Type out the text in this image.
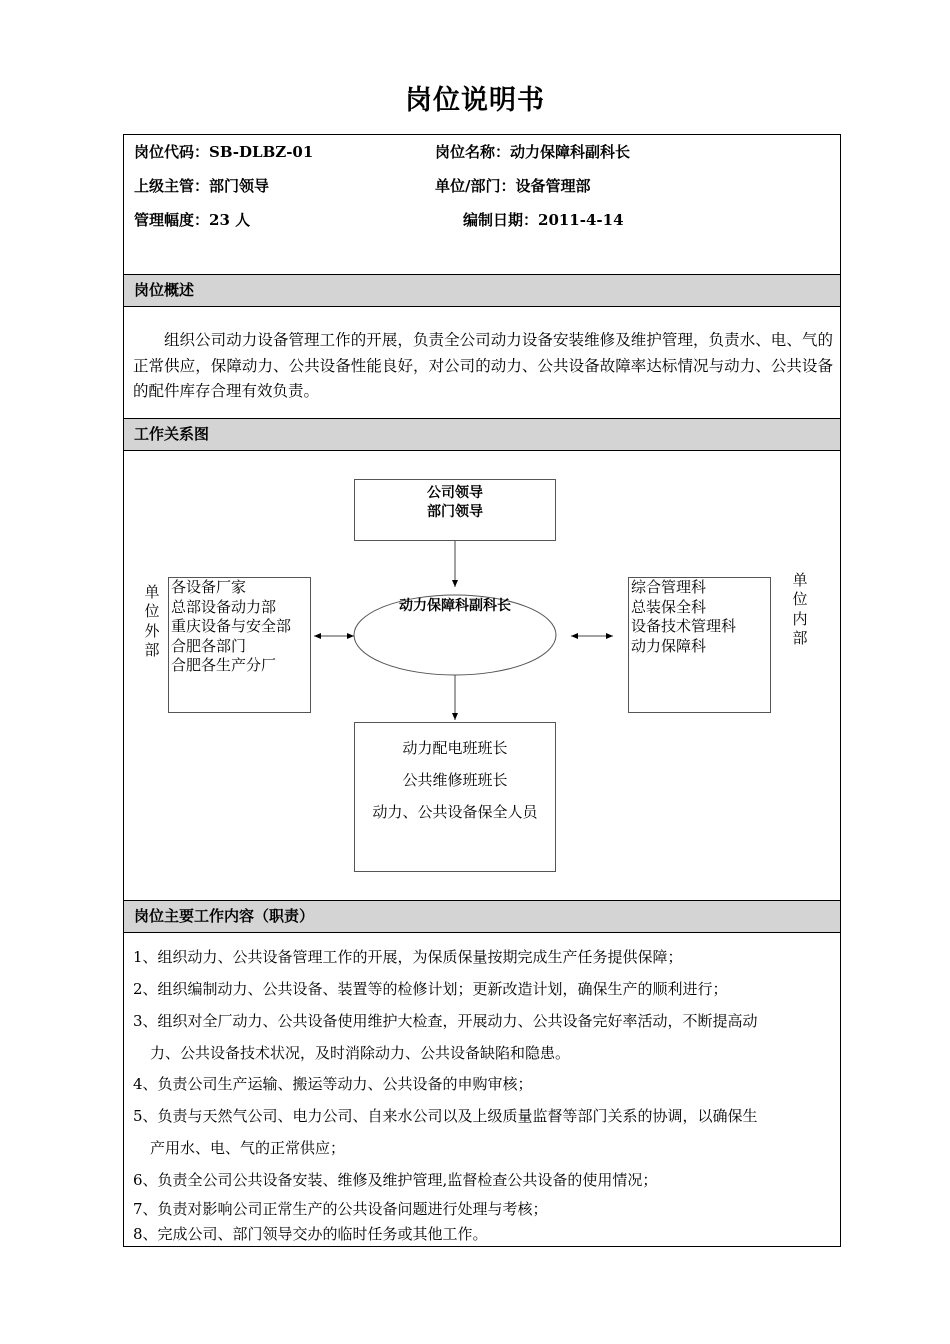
岗位说明书
岗位代码：SB-DLBZ-01	岗位名称：动力保障科副科长
上级主管：部门领导	单位/部门：设备管理部
管理幅度：23 人	编制日期：2011-4-14
岗位概述
组织公司动力设备管理工作的开展，负责全公司动力设备安装维修及维护管理，负责水、电、气的正常供应，保障动力、公共设备性能良好，对公司的动力、公共设备故障率达标情况与动力、公共设备的配件库存合理有效负责。
工作关系图
公司领导
部门领导
动力保障科副科长
单
位
外
部
各设备厂家
总部设备动力部
重庆设备与安全部
合肥各部门
合肥各生产分厂
综合管理科
总装保全科
设备技术管理科
动力保障科
单
位
内
部
动力配电班班长
公共维修班班长
动力、公共设备保全人员
岗位主要工作内容（职责）
1、组织动力、公共设备管理工作的开展，为保质保量按期完成生产任务提供保障；
2、组织编制动力、公共设备、装置等的检修计划；更新改造计划，确保生产的顺利进行；
3、组织对全厂动力、公共设备使用维护大检查，开展动力、公共设备完好率活动，不断提高动
力、公共设备技术状况，及时消除动力、公共设备缺陷和隐患。
4、负责公司生产运输、搬运等动力、公共设备的申购审核；
5、负责与天然气公司、电力公司、自来水公司以及上级质量监督等部门关系的协调，以确保生
产用水、电、气的正常供应；
6、负责全公司公共设备安装、维修及维护管理,监督检查公共设备的使用情况；
7、负责对影响公司正常生产的公共设备问题进行处理与考核；
8、完成公司、部门领导交办的临时任务或其他工作。
